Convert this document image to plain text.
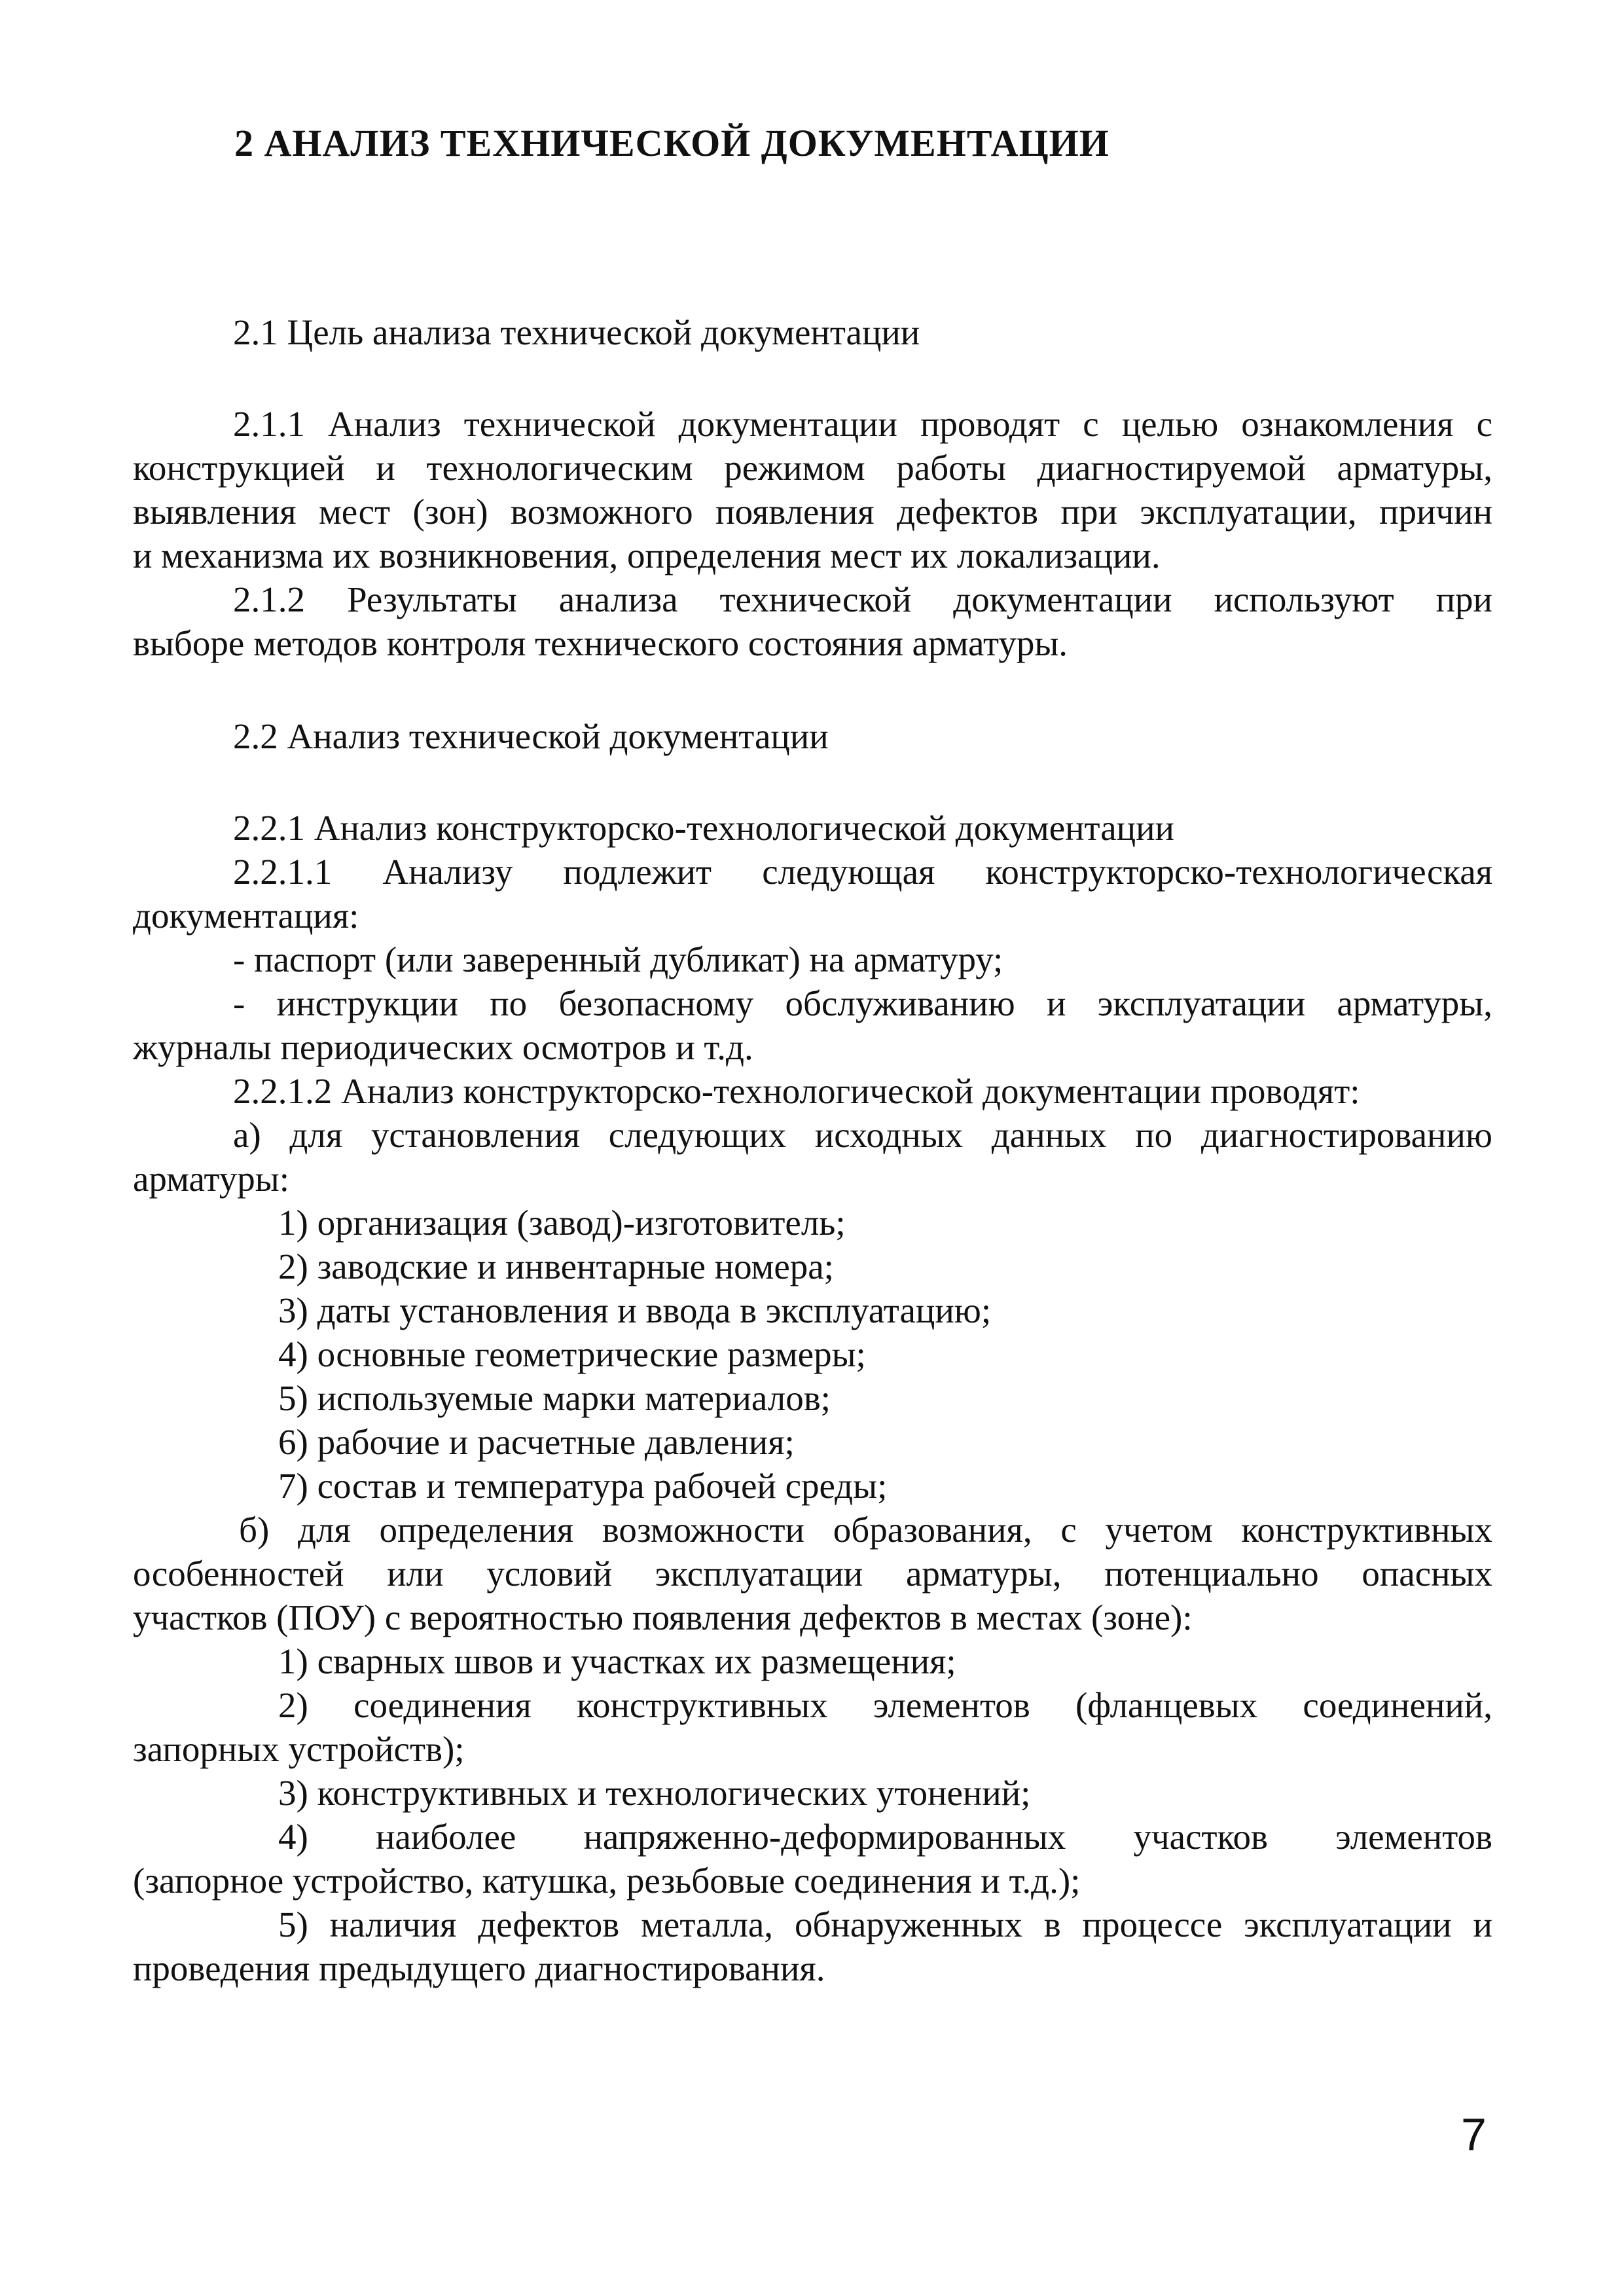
2 АНАЛИЗ ТЕХНИЧЕСКОЙ ДОКУМЕНТАЦИИ
2.1 Цель анализа технической документации
2.1.1 Анализ технической документации проводят с целью ознакомления с
конструкцией и технологическим режимом работы диагностируемой арматуры,
выявления мест (зон) возможного появления дефектов при эксплуатации, причин
и механизма их возникновения, определения мест их локализации.
2.1.2 Результаты анализа технической документации используют при
выборе методов контроля технического состояния арматуры.
2.2 Анализ технической документации
2.2.1 Анализ конструкторско-технологической документации
2.2.1.1 Анализу подлежит следующая конструкторско-технологическая
документация:
- паспорт (или заверенный дубликат) на арматуру;
- инструкции по безопасному обслуживанию и эксплуатации арматуры,
журналы периодических осмотров и т.д.
2.2.1.2 Анализ конструкторско-технологической документации проводят:
а) для установления следующих исходных данных по диагностированию
арматуры:
1) организация (завод)-изготовитель;
2) заводские и инвентарные номера;
3) даты установления и ввода в эксплуатацию;
4) основные геометрические размеры;
5) используемые марки материалов;
6) рабочие и расчетные давления;
7) состав и температура рабочей среды;
б) для определения возможности образования, с учетом конструктивных
особенностей или условий эксплуатации арматуры, потенциально опасных
участков (ПОУ) с вероятностью появления дефектов в местах (зоне):
1) сварных швов и участках их размещения;
2) соединения конструктивных элементов (фланцевых соединений,
запорных устройств);
3) конструктивных и технологических утонений;
4) наиболее напряженно-деформированных участков элементов
(запорное устройство, катушка, резьбовые соединения и т.д.);
5) наличия дефектов металла, обнаруженных в процессе эксплуатации и
проведения предыдущего диагностирования.
7
